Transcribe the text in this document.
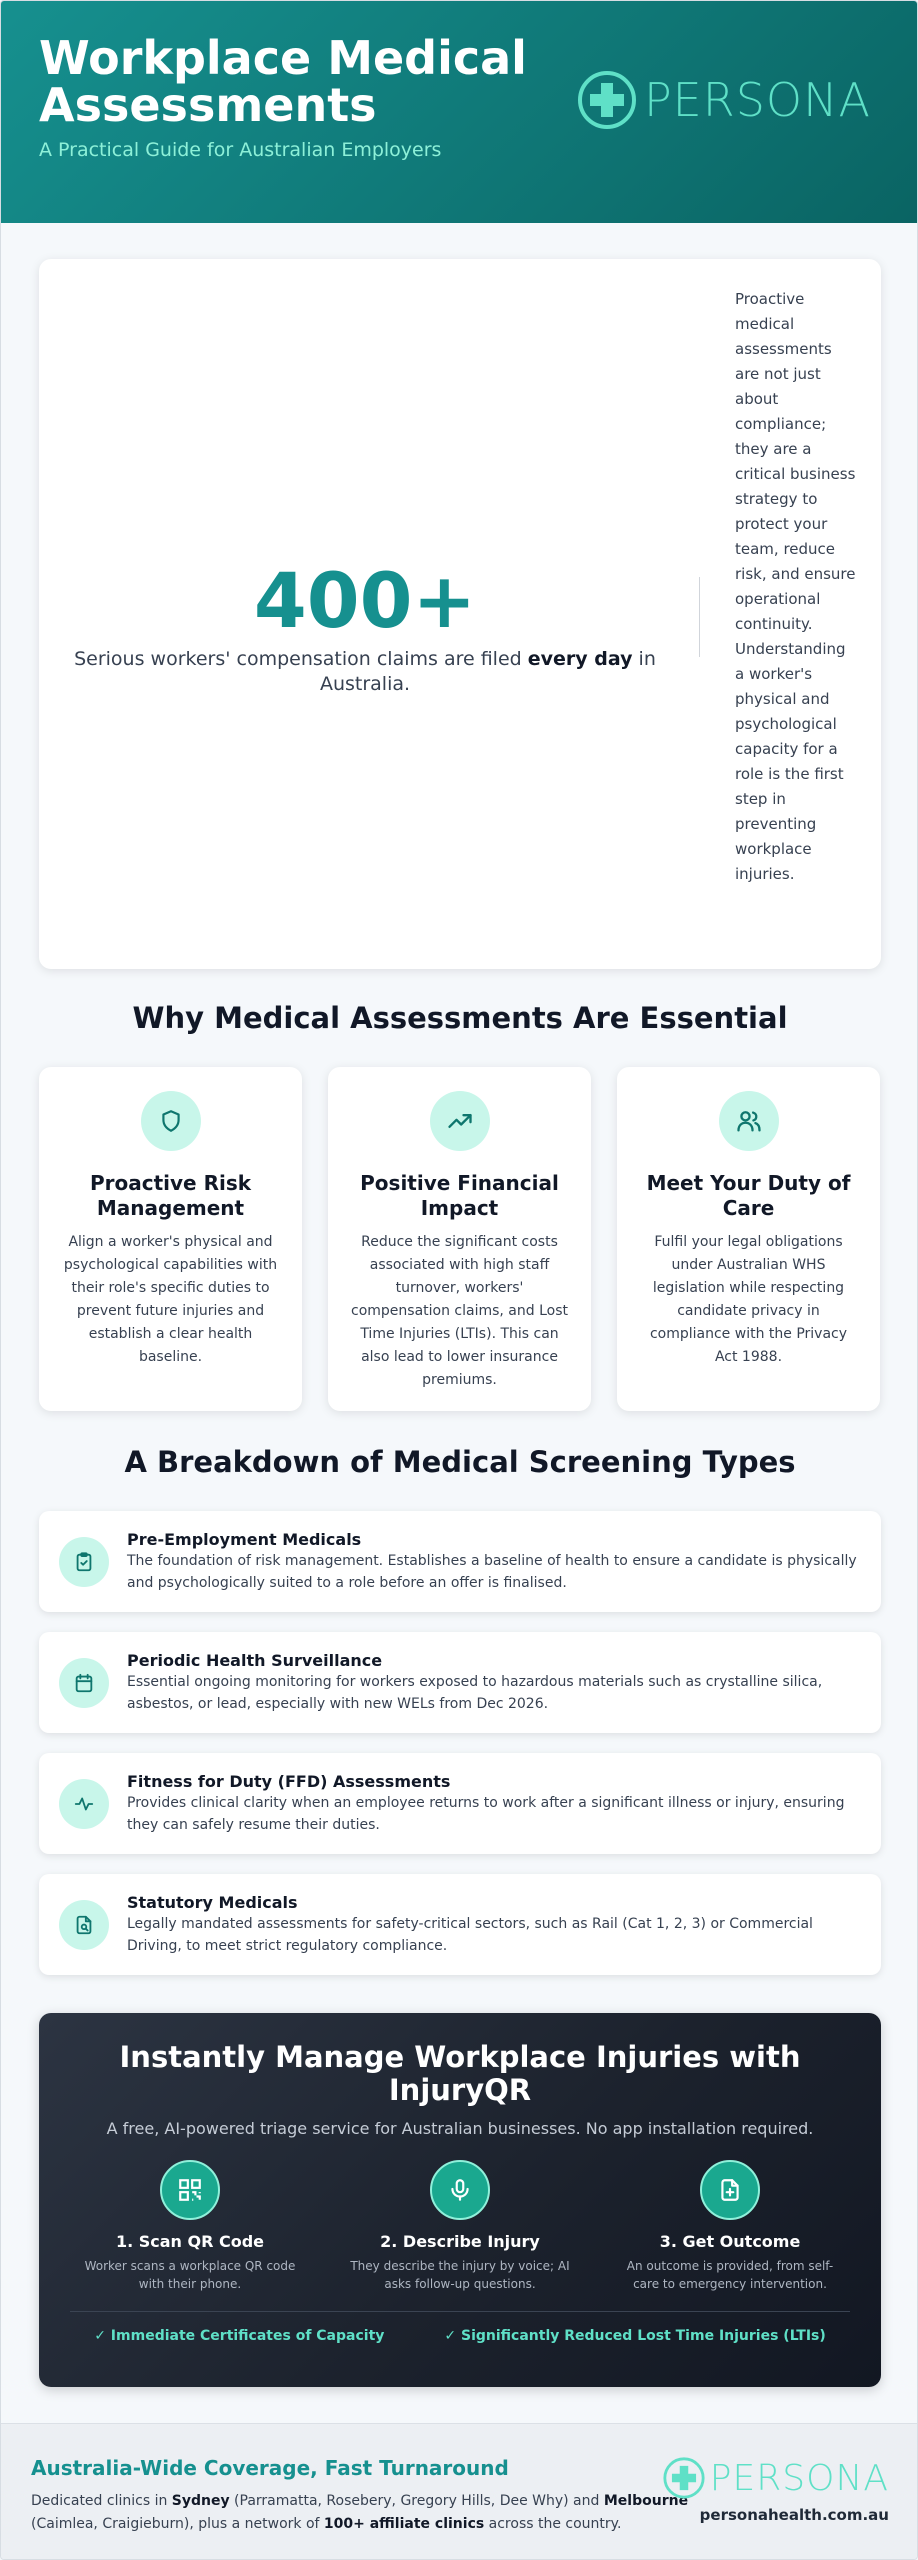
Workplace Medical Assessments
A Practical Guide for Australian Employers
PERSONA
400+
Serious workers' compensation claims are filed every day in Australia.
Proactive medical assessments are not just about compliance; they are a critical business strategy to protect your team, reduce risk, and ensure operational continuity. Understanding a worker's physical and psychological capacity for a role is the first step in preventing workplace injuries.
Why Medical Assessments Are Essential
Proactive Risk Management

Align a worker's physical and psychological capabilities with their role's specific duties to prevent future injuries and establish a clear health baseline.

Positive Financial Impact

Reduce the significant costs associated with high staff turnover, workers' compensation claims, and Lost Time Injuries (LTIs). This can also lead to lower insurance premiums.

Meet Your Duty of Care

Fulfil your legal obligations under Australian WHS legislation while respecting candidate privacy in compliance with the Privacy Act 1988.

A Breakdown of Medical Screening Types
Pre-Employment Medicals

The foundation of risk management. Establishes a baseline of health to ensure a candidate is physically and psychologically suited to a role before an offer is finalised.

Periodic Health Surveillance

Essential ongoing monitoring for workers exposed to hazardous materials such as crystalline silica, asbestos, or lead, especially with new WELs from Dec 2026.

Fitness for Duty (FFD) Assessments

Provides clinical clarity when an employee returns to work after a significant illness or injury, ensuring they can safely resume their duties.

Statutory Medicals

Legally mandated assessments for safety-critical sectors, such as Rail (Cat 1, 2, 3) or Commercial Driving, to meet strict regulatory compliance.

Instantly Manage Workplace Injuries with InjuryQR
A free, AI-powered triage service for Australian businesses. No app installation required.
1. Scan QR Code

Worker scans a workplace QR code with their phone.

2. Describe Injury

They describe the injury by voice; AI asks follow-up questions.

3. Get Outcome

An outcome is provided, from self-care to emergency intervention.

✓ Immediate Certificates of Capacity	✓ Significantly Reduced Lost Time Injuries (LTIs)
Australia-Wide Coverage, Fast Turnaround

Dedicated clinics in Sydney (Parramatta, Rosebery, Gregory Hills, Dee Why) and Melbourne (Caimlea, Craigieburn), plus a network of 100+ affiliate clinics across the country.

PERSONA
personahealth.com.au
